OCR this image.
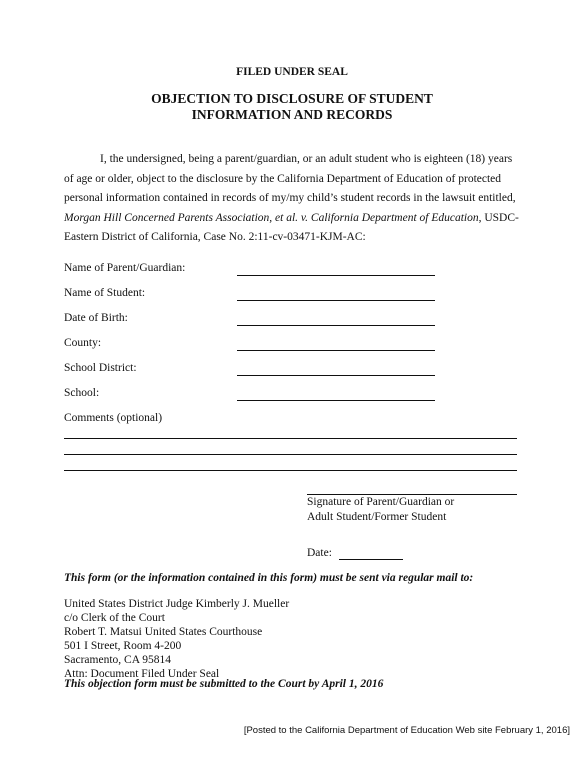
FILED UNDER SEAL
OBJECTION TO DISCLOSURE OF STUDENT
INFORMATION AND RECORDS
I, the undersigned, being a parent/guardian, or an adult student who is eighteen (18) years of age or older, object to the disclosure by the California Department of Education of protected personal information contained in records of my/my child’s student records in the lawsuit entitled, Morgan Hill Concerned Parents Association, et al. v. California Department of Education, USDC-Eastern District of California, Case No. 2:11-cv-03471-KJM-AC:
Name of Parent/Guardian:
Name of Student:
Date of Birth:
County:
School District:
School:
Comments (optional)
Signature of Parent/Guardian or
Adult Student/Former Student
Date:
This form (or the information contained in this form) must be sent via regular mail to:
United States District Judge Kimberly J. Mueller
c/o Clerk of the Court
Robert T. Matsui United States Courthouse
501 I Street, Room 4-200
Sacramento, CA 95814
Attn: Document Filed Under Seal
This objection form must be submitted to the Court by April 1, 2016
[Posted to the California Department of Education Web site February 1, 2016]
